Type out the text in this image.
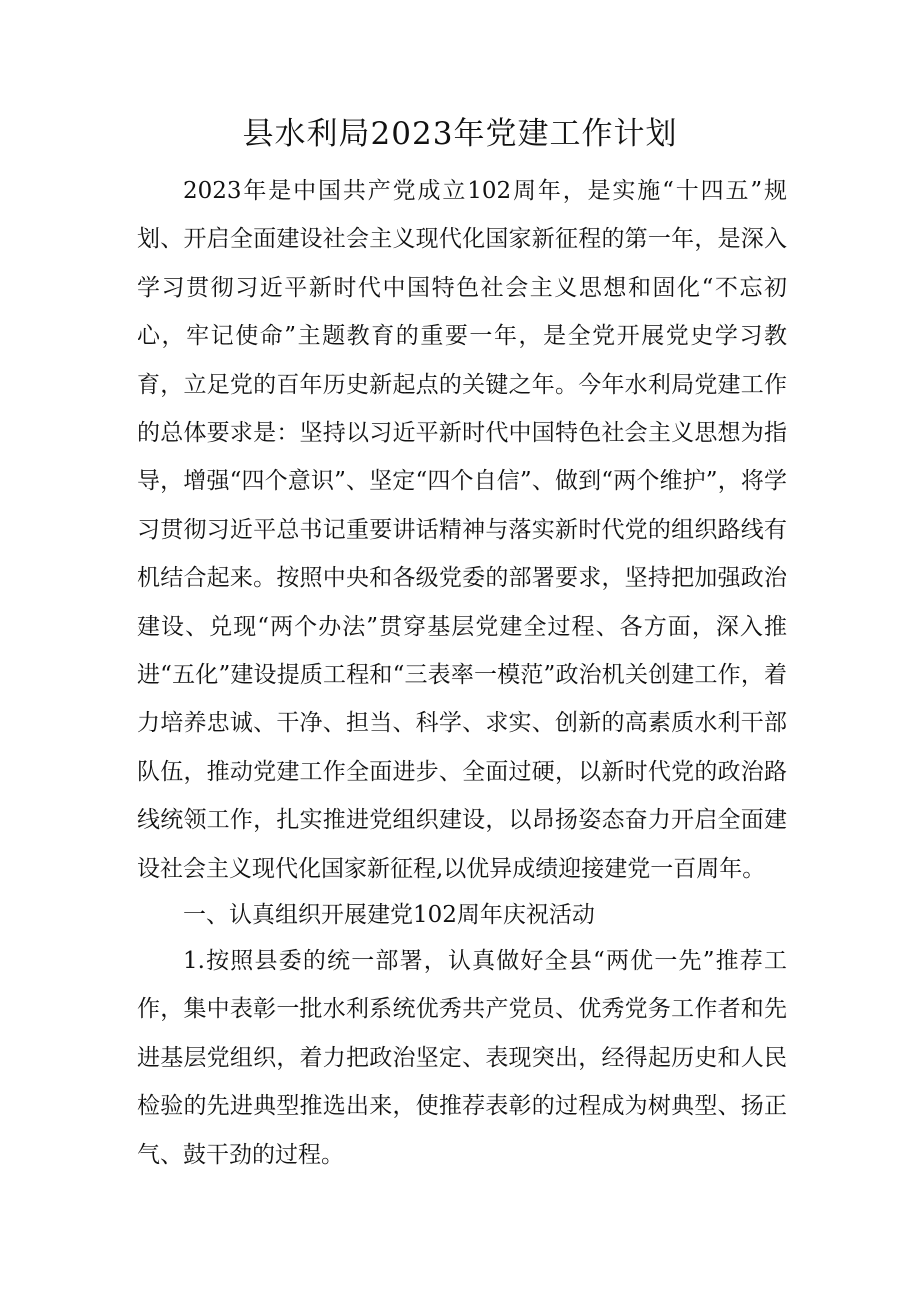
县水利局2023年党建工作计划

2023年是中国共产党成立102周年，是实施“十四五”规划、开启全面建设社会主义现代化国家新征程的第一年，是深入学习贯彻习近平新时代中国特色社会主义思想和固化“不忘初心，牢记使命”主题教育的重要一年，是全党开展党史学习教育，立足党的百年历史新起点的关键之年。今年水利局党建工作的总体要求是：坚持以习近平新时代中国特色社会主义思想为指导，增强“四个意识”、坚定“四个自信”、做到“两个维护”，将学习贯彻习近平总书记重要讲话精神与落实新时代党的组织路线有机结合起来。按照中央和各级党委的部署要求，坚持把加强政治建设、兑现“两个办法”贯穿基层党建全过程、各方面，深入推进“五化”建设提质工程和“三表率一模范”政治机关创建工作，着力培养忠诚、干净、担当、科学、求实、创新的高素质水利干部队伍，推动党建工作全面进步、全面过硬，以新时代党的政治路线统领工作，扎实推进党组织建设，以昂扬姿态奋力开启全面建设社会主义现代化国家新征程,以优异成绩迎接建党一百周年。

一、认真组织开展建党102周年庆祝活动

1.按照县委的统一部署，认真做好全县“两优一先”推荐工作，集中表彰一批水利系统优秀共产党员、优秀党务工作者和先进基层党组织，着力把政治坚定、表现突出，经得起历史和人民检验的先进典型推选出来，使推荐表彰的过程成为树典型、扬正气、鼓干劲的过程。
